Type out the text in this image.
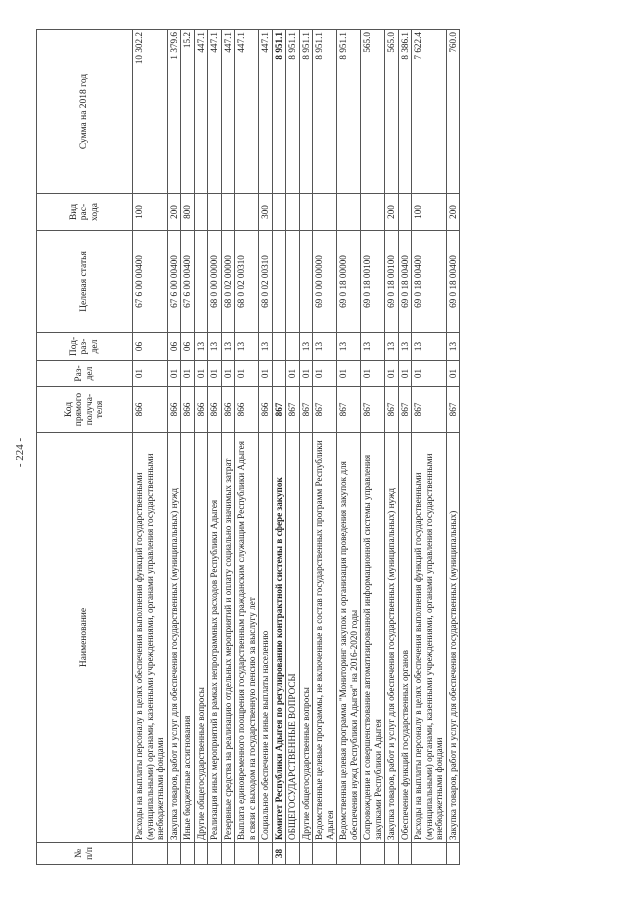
- 224 -
№ п/п	Наименование	Код прямого получа-теля	Раз-дел	Под-раз-дел	Целевая статья	Вид рас-хода	Сумма на 2018 год
	Расходы на выплаты персоналу в целях обеспечения выполнения функций государственными (муниципальными) органами, казенными учреждениями, органами управления государственными внебюджетными фондами	866	01	06	67 6 00 00400	100	10 302.2
	Закупка товаров, работ и услуг для обеспечения государственных (муниципальных) нужд	866	01	06	67 6 00 00400	200	1 379.6
	Иные бюджетные ассигнования	866	01	06	67 6 00 00400	800	15.2
	Другие общегосударственные вопросы	866	01	13			447.1
	Реализация иных мероприятий в рамках непрограммных расходов Республики Адыгея	866	01	13	68 0 00 00000		447.1
	Резервные средства на реализацию отдельных мероприятий и оплату социально значимых затрат	866	01	13	68 0 02 00000		447.1
	Выплата единовременного поощрения государственным гражданским служащим Республики Адыгея в связи с выходом на государственную пенсию за выслугу лет	866	01	13	68 0 02 00310		447.1
	Социальное обеспечение и иные выплаты населению	866	01	13	68 0 02 00310	300	447.1
38	Комитет Республики Адыгея по регулированию контрактной системы в сфере закупок	867					8 951.1
	ОБЩЕГОСУДАРСТВЕННЫЕ ВОПРОСЫ	867	01				8 951.1
	Другие общегосударственные вопросы	867	01	13			8 951.1
	Ведомственные целевые программы, не включенные в состав государственных программ Республики Адыгея	867	01	13	69 0 00 00000		8 951.1
	Ведомственная целевая программа "Мониторинг закупок и организация проведения закупок для обеспечения нужд Республики Адыгея" на 2016-2020 годы	867	01	13	69 0 18 00000		8 951.1
	Сопровождение и совершенствование автоматизированной информационной системы управления закупками Республики Адыгея	867	01	13	69 0 18 00100		565.0
	Закупка товаров, работ и услуг для обеспечения государственных (муниципальных) нужд	867	01	13	69 0 18 00100	200	565.0
	Обеспечение функций государственных органов	867	01	13	69 0 18 00400		8 386.1
	Расходы на выплаты персоналу в целях обеспечения выполнения функций государственными (муниципальными) органами, казенными учреждениями, органами управления государственными внебюджетными фондами	867	01	13	69 0 18 00400	100	7 622.4
	Закупка товаров, работ и услуг для обеспечения государственных (муниципальных)	867	01	13	69 0 18 00400	200	760.0
